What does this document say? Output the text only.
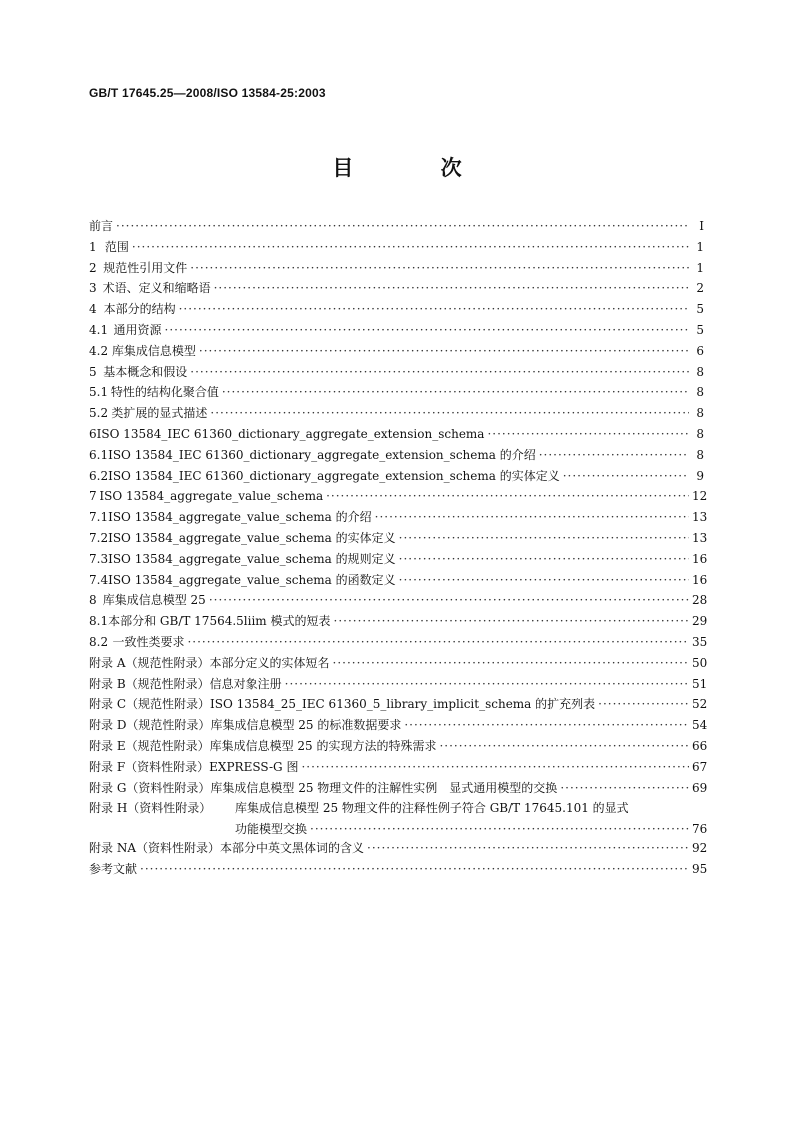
GB/T 17645.25—2008/ISO 13584-25:2003
目 次
前言 ·····	Ⅰ
1 范围 ·····	1
2 规范性引用文件 ·····	1
3 术语、定义和缩略语 ·····	2
4 本部分的结构 ·····	5
4.1 通用资源 ·····	5
4.2 库集成信息模型 ·····	6
5 基本概念和假设 ·····	8
5.1 特性的结构化聚合值 ·····	8
5.2 类扩展的显式描述 ·····	8
6 ISO 13584_IEC 61360_dictionary_aggregate_extension_schema ·····	8
6.1 ISO 13584_IEC 61360_dictionary_aggregate_extension_schema 的介绍 ·····	8
6.2 ISO 13584_IEC 61360_dictionary_aggregate_extension_schema 的实体定义 ·····	9
7 ISO 13584_aggregate_value_schema ·····	12
7.1 ISO 13584_aggregate_value_schema 的介绍 ·····	13
7.2 ISO 13584_aggregate_value_schema 的实体定义 ·····	13
7.3 ISO 13584_aggregate_value_schema 的规则定义 ·····	16
7.4 ISO 13584_aggregate_value_schema 的函数定义 ·····	16
8 库集成信息模型 25 ·····	28
8.1 本部分和 GB/T 17564.5liim 模式的短表 ·····	29
8.2 一致性类要求 ·····	35
附录 A（规范性附录） 本部分定义的实体短名 ·····	50
附录 B（规范性附录） 信息对象注册 ·····	51
附录 C（规范性附录） ISO 13584_25_IEC 61360_5_library_implicit_schema 的扩充列表 ·····	52
附录 D（规范性附录） 库集成信息模型 25 的标准数据要求 ·····	54
附录 E（规范性附录） 库集成信息模型 25 的实现方法的特殊需求 ·····	66
附录 F（资料性附录） EXPRESS-G 图 ·····	67
附录 G（资料性附录） 库集成信息模型 25 物理文件的注解性实例　显式通用模型的交换 ·····	69
附录 H（资料性附录） 库集成信息模型 25 物理文件的注释性例子符合 GB/T 17645.101 的显式
功能模型交换 ·····	76
附录 NA（资料性附录） 本部分中英文黑体词的含义 ·····	92
参考文献 ·····	95
